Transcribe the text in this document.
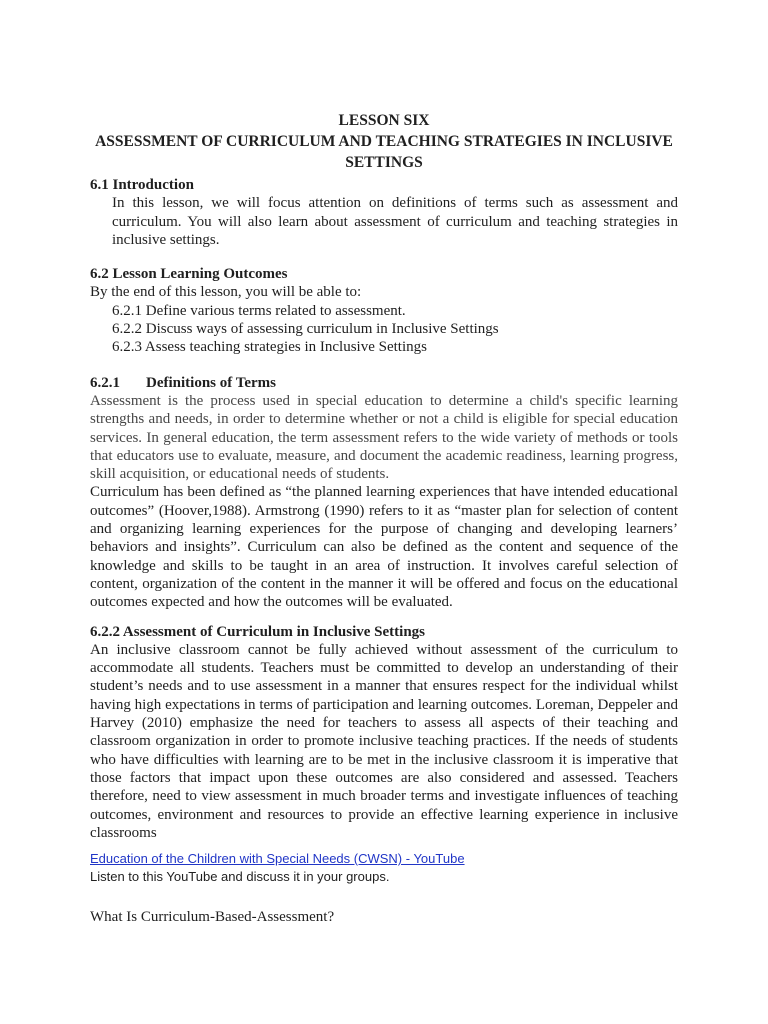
LESSON SIX
ASSESSMENT OF CURRICULUM AND TEACHING STRATEGIES IN INCLUSIVE SETTINGS
6.1 Introduction

In this lesson, we will focus attention on definitions of terms such as assessment and curriculum. You will also learn about assessment of curriculum and teaching strategies in inclusive settings.

6.2 Lesson Learning Outcomes

By the end of this lesson, you will be able to:

6.2.1 Define various terms related to assessment.

6.2.2 Discuss ways of assessing curriculum in Inclusive Settings

6.2.3 Assess teaching strategies in Inclusive Settings

6.2.1 Definitions of Terms

Assessment is the process used in special education to determine a child's specific learning strengths and needs, in order to determine whether or not a child is eligible for special education services. In general education, the term assessment refers to the wide variety of methods or tools that educators use to evaluate, measure, and document the academic readiness, learning progress, skill acquisition, or educational needs of students.

Curriculum has been defined as “the planned learning experiences that have intended educational outcomes” (Hoover,1988). Armstrong (1990) refers to it as “master plan for selection of content and organizing learning experiences for the purpose of changing and developing learners’ behaviors and insights”. Curriculum can also be defined as the content and sequence of the knowledge and skills to be taught in an area of instruction. It involves careful selection of content, organization of the content in the manner it will be offered and focus on the educational outcomes expected and how the outcomes will be evaluated.

6.2.2 Assessment of Curriculum in Inclusive Settings

An inclusive classroom cannot be fully achieved without assessment of the curriculum to accommodate all students. Teachers must be committed to develop an understanding of their student’s needs and to use assessment in a manner that ensures respect for the individual whilst having high expectations in terms of participation and learning outcomes. Loreman, Deppeler and Harvey (2010) emphasize the need for teachers to assess all aspects of their teaching and classroom organization in order to promote inclusive teaching practices. If the needs of students who have difficulties with learning are to be met in the inclusive classroom it is imperative that those factors that impact upon these outcomes are also considered and assessed. Teachers therefore, need to view assessment in much broader terms and investigate influences of teaching outcomes, environment and resources to provide an effective learning experience in inclusive classrooms

Education of the Children with Special Needs (CWSN) - YouTube

Listen to this YouTube and discuss it in your groups.

What Is Curriculum-Based-Assessment?
